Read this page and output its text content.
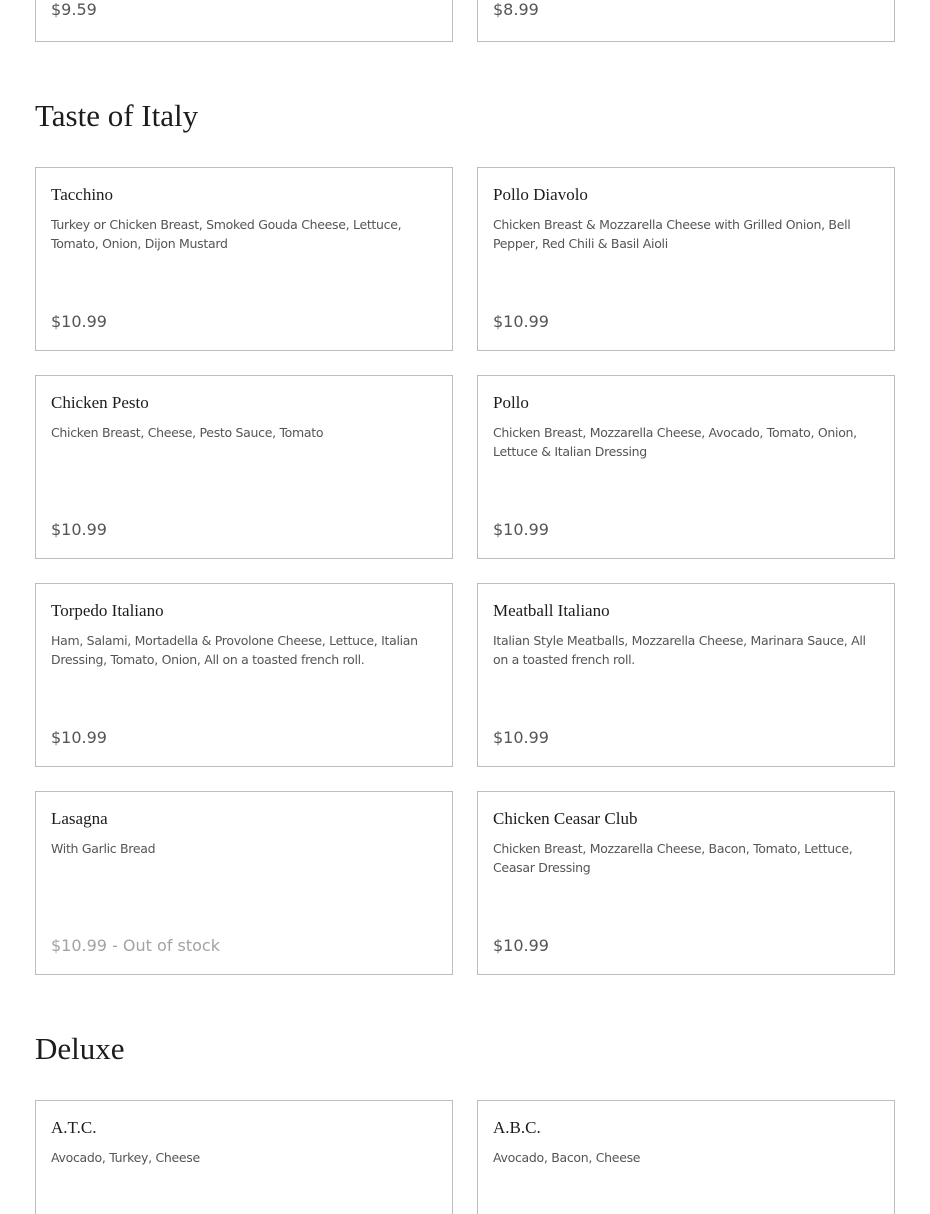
$9.59	$8.99
Taste of Italy
Tacchino
Turkey or Chicken Breast, Smoked Gouda Cheese, Lettuce, Tomato, Onion, Dijon Mustard
$10.99
Pollo Diavolo
Chicken Breast & Mozzarella Cheese with Grilled Onion, Bell Pepper, Red Chili & Basil Aioli
$10.99
Chicken Pesto
Chicken Breast, Cheese, Pesto Sauce, Tomato
$10.99
Pollo
Chicken Breast, Mozzarella Cheese, Avocado, Tomato, Onion, Lettuce & Italian Dressing
$10.99
Torpedo Italiano
Ham, Salami, Mortadella & Provolone Cheese, Lettuce, Italian Dressing, Tomato, Onion, All on a toasted french roll.
$10.99
Meatball Italiano
Italian Style Meatballs, Mozzarella Cheese, Marinara Sauce, All on a toasted french roll.
$10.99
Lasagna
With Garlic Bread
$10.99 - Out of stock
Chicken Ceasar Club
Chicken Breast, Mozzarella Cheese, Bacon, Tomato, Lettuce, Ceasar Dressing
$10.99
Deluxe
A.T.C.
Avocado, Turkey, Cheese
A.B.C.
Avocado, Bacon, Cheese
